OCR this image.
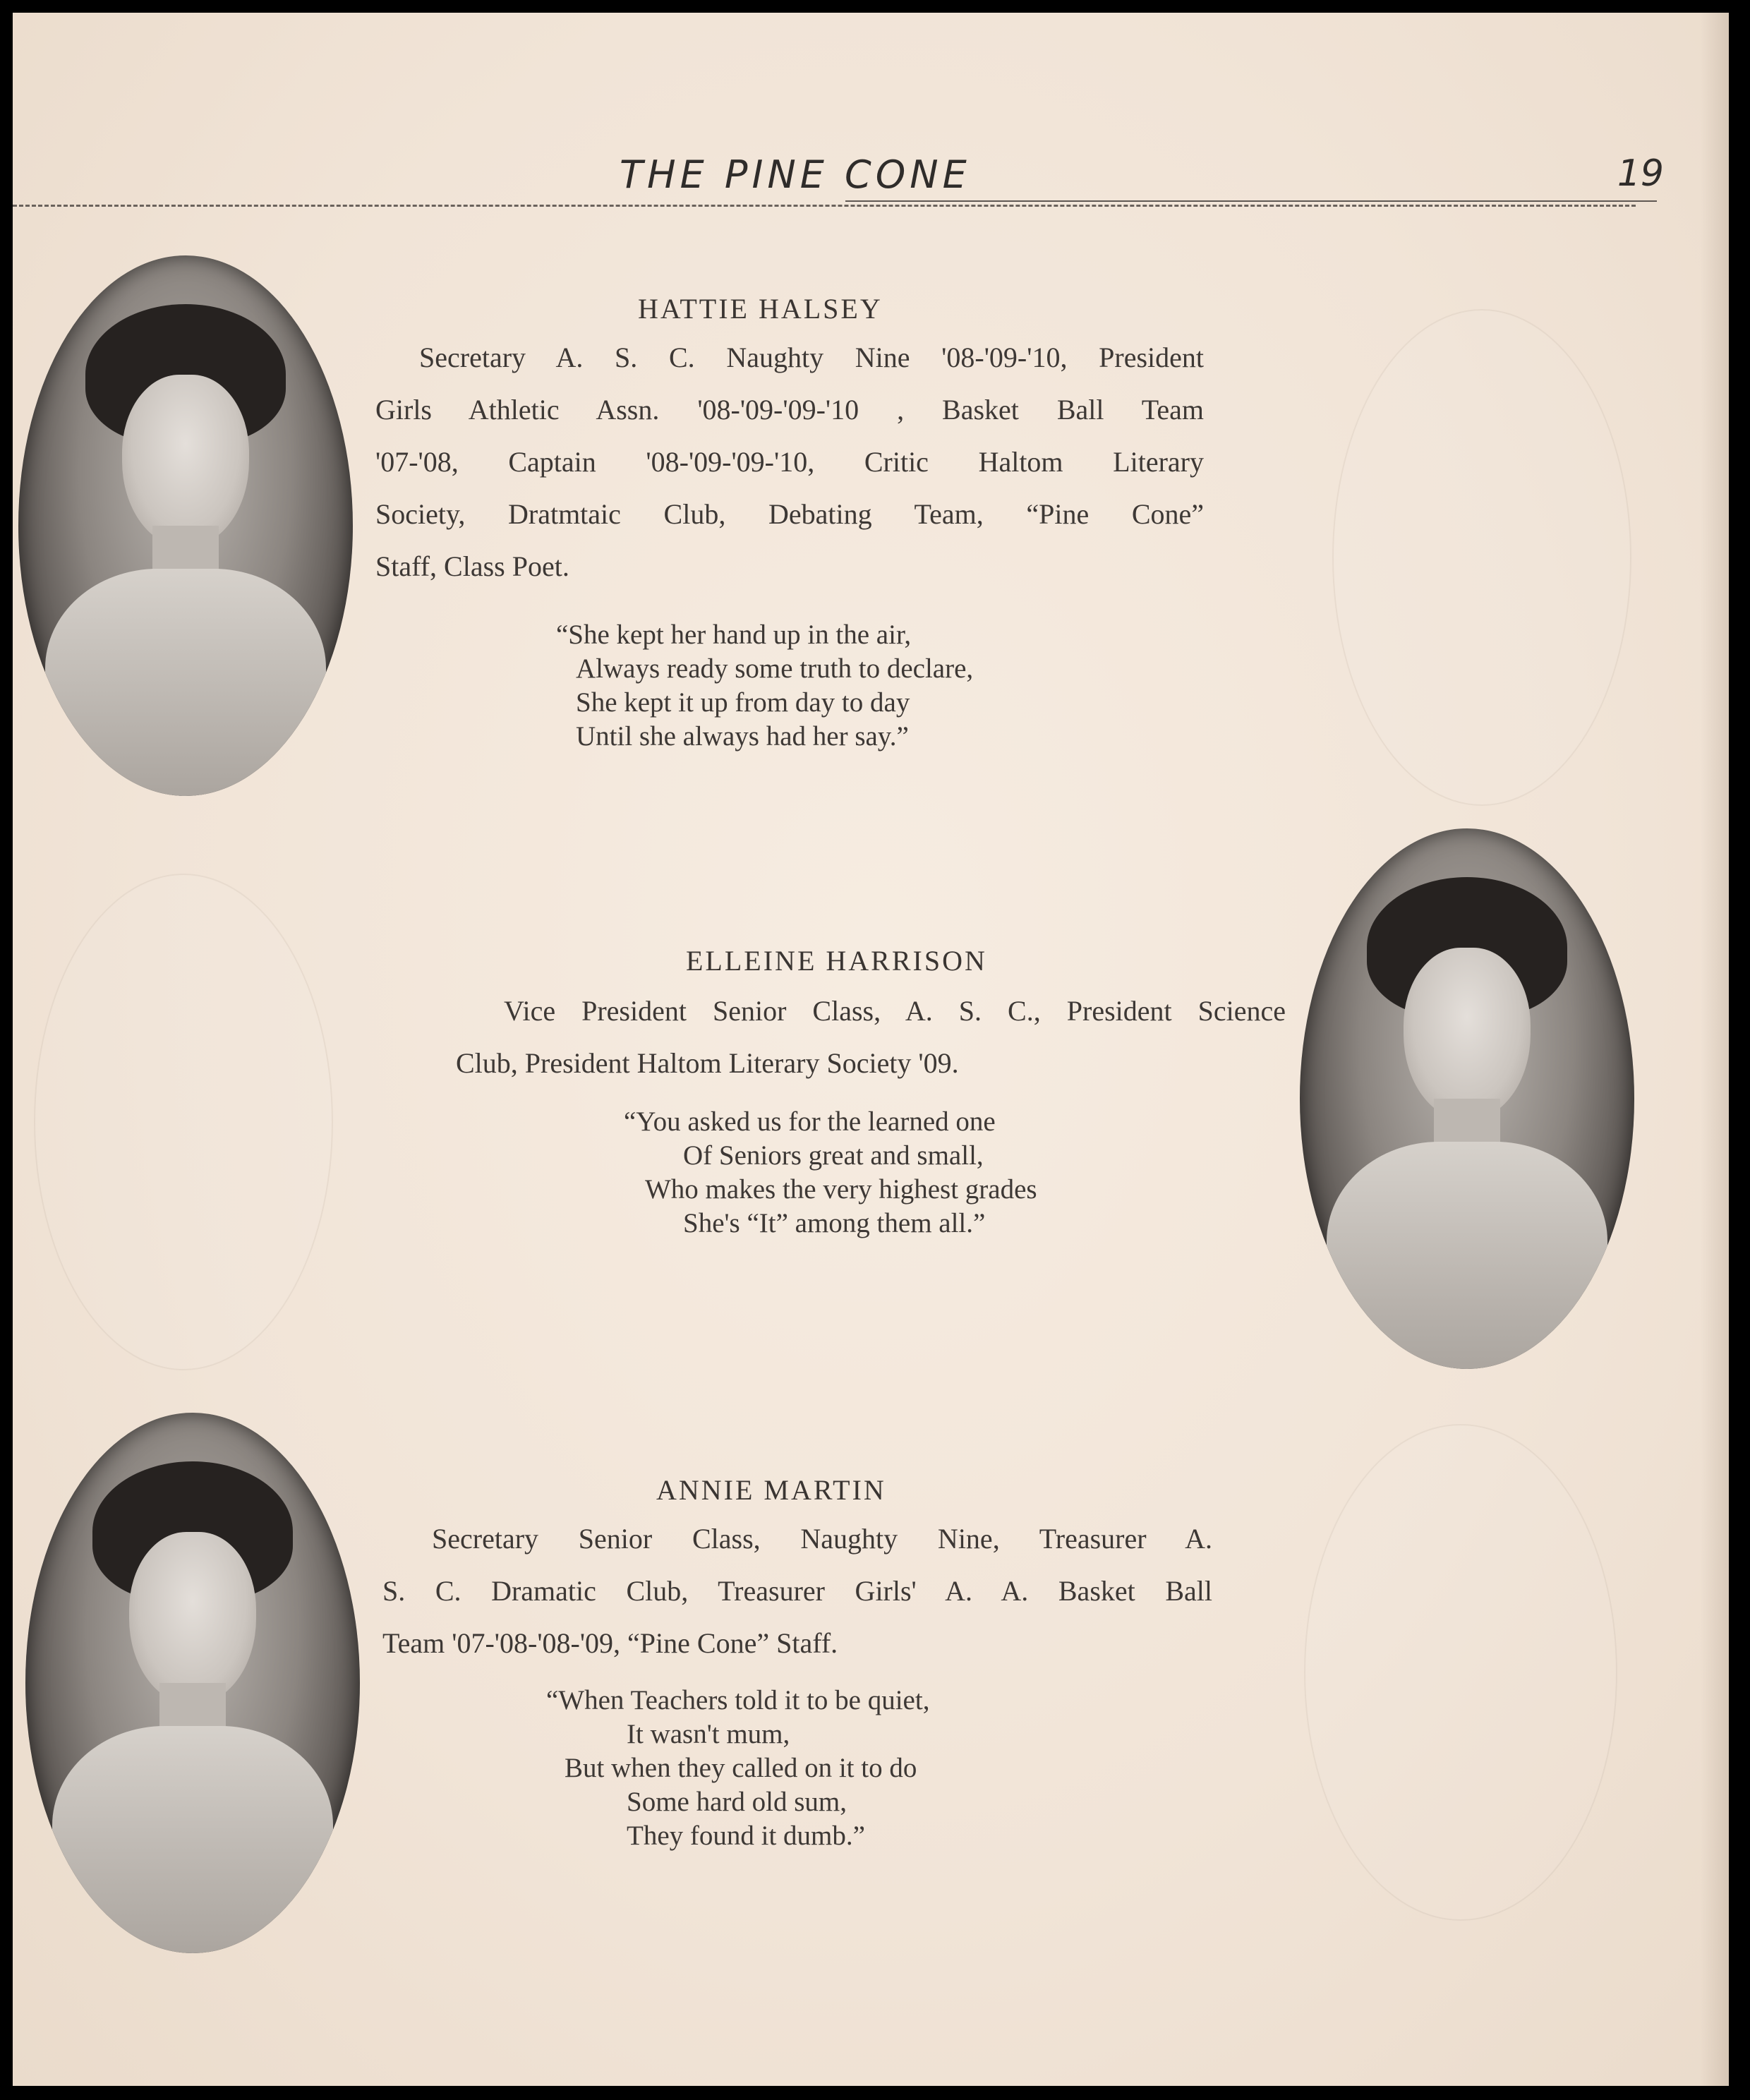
THE PINE CONE	19
HATTIE HALSEY
Secretary A. S. C. Naughty Nine '08-'09-'10, President
Girls Athletic Assn. '08-'09-'09-'10 , Basket Ball Team
'07-'08, Captain '08-'09-'09-'10, Critic Haltom Literary
Society, Dratmtaic Club, Debating Team, “Pine Cone”
Staff, Class Poet.
“She kept her hand up in the air,
Always ready some truth to declare,
She kept it up from day to day
Until she always had her say.”
ELLEINE HARRISON
Vice President Senior Class, A. S. C., President Science
Club, President Haltom Literary Society '09.
“You asked us for the learned one
Of Seniors great and small,
Who makes the very highest grades
She's “It” among them all.”
ANNIE MARTIN
Secretary Senior Class, Naughty Nine, Treasurer A.
S. C. Dramatic Club, Treasurer Girls' A. A. Basket Ball
Team '07-'08-'08-'09, “Pine Cone” Staff.
“When Teachers told it to be quiet,
It wasn't mum,
But when they called on it to do
Some hard old sum,
They found it dumb.”
